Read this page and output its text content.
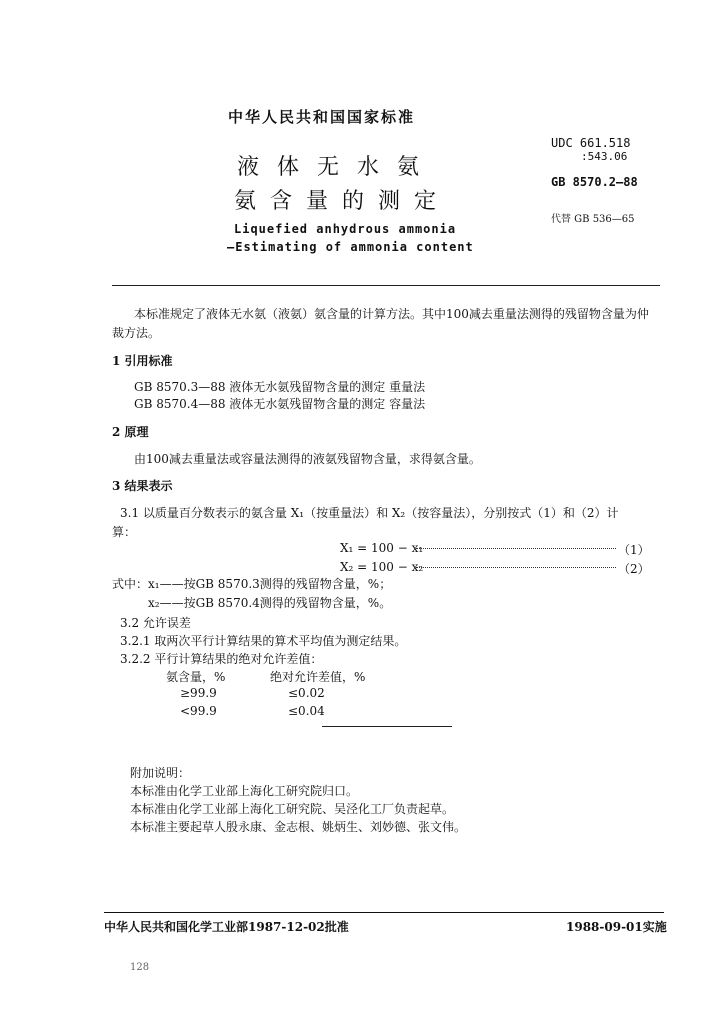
中华人民共和国国家标准
UDC 661.518
:543.06
GB 8570.2—88
代替 GB 536—65
液体无水氨
氨含量的测定
Liquefied anhydrous ammonia
—Estimating of ammonia content
本标准规定了液体无水氨（液氨）氨含量的计算方法。其中100减去重量法测得的残留物含量为仲
裁方法。
1 引用标准
GB 8570.3—88 液体无水氨残留物含量的测定 重量法
GB 8570.4—88 液体无水氨残留物含量的测定 容量法
2 原理
由100减去重量法或容量法测得的液氨残留物含量，求得氨含量。
3 结果表示
3.1 以质量百分数表示的氨含量 X₁（按重量法）和 X₂（按容量法），分别按式（1）和（2）计
算：
X₁ = 100 − x₁	（1）
X₂ = 100 − x₂	（2）
式中：x₁——按GB 8570.3测得的残留物含量，%；
x₂——按GB 8570.4测得的残留物含量，%。
3.2 允许误差
3.2.1 取两次平行计算结果的算术平均值为测定结果。
3.2.2 平行计算结果的绝对允许差值：
氨含量，%	绝对允许差值，%
≥99.9	≤0.02
<99.9	≤0.04
附加说明：
本标准由化学工业部上海化工研究院归口。
本标准由化学工业部上海化工研究院、吴泾化工厂负责起草。
本标准主要起草人殷永康、金志根、姚炳生、刘妙德、张文伟。
中华人民共和国化学工业部1987-12-02批准	1988-09-01实施
128
